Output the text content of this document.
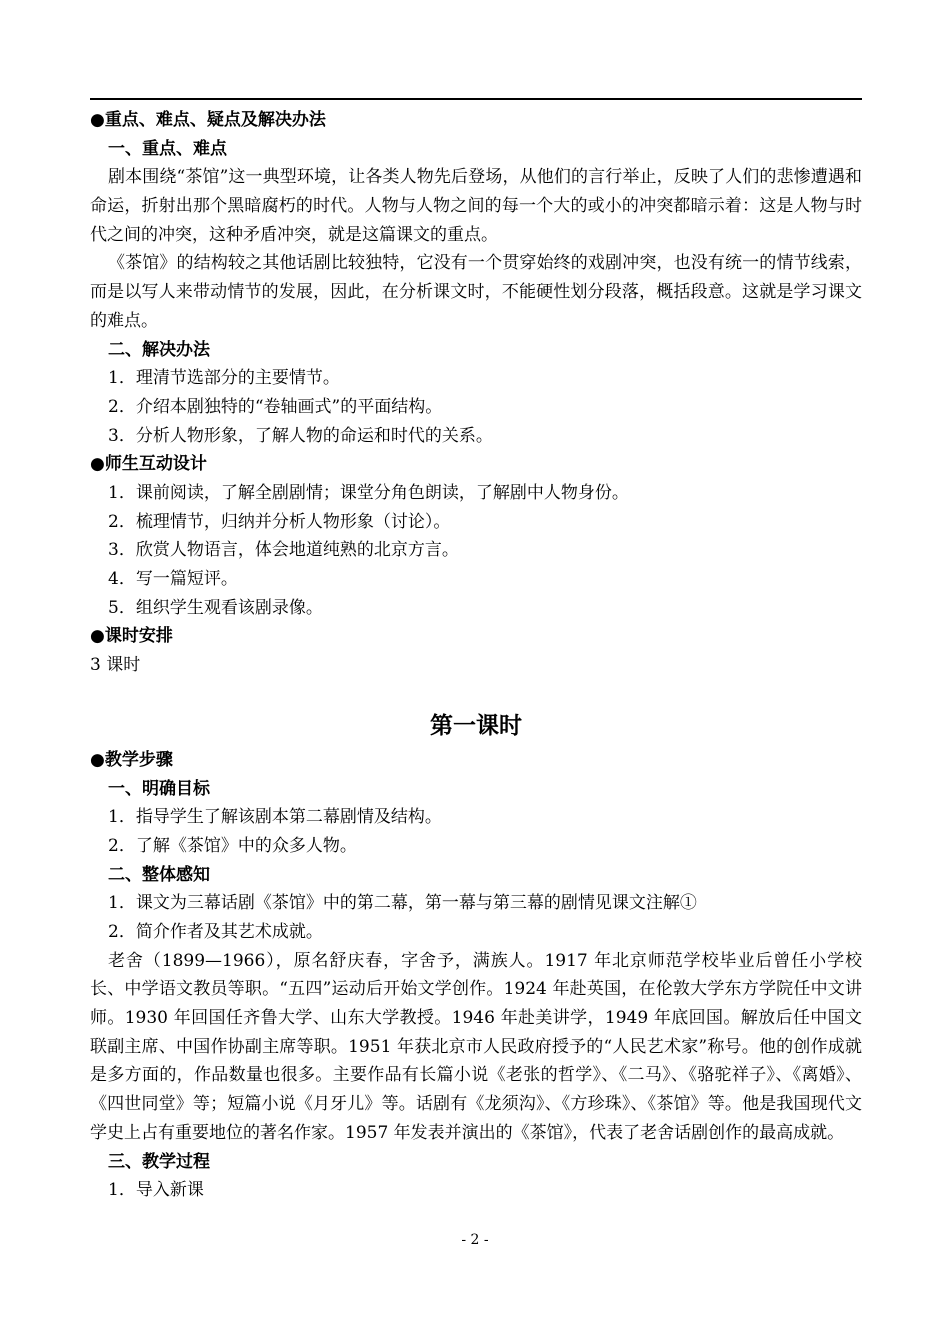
●重点、难点、疑点及解决办法
一、重点、难点

剧本围绕“茶馆”这一典型环境，让各类人物先后登场，从他们的言行举止，反映了人们的悲惨遭遇和命运，折射出那个黑暗腐朽的时代。人物与人物之间的每一个大的或小的冲突都暗示着：这是人物与时代之间的冲突，这种矛盾冲突，就是这篇课文的重点。

《茶馆》的结构较之其他话剧比较独特，它没有一个贯穿始终的戏剧冲突，也没有统一的情节线索，而是以写人来带动情节的发展，因此，在分析课文时，不能硬性划分段落，概括段意。这就是学习课文的难点。

二、解决办法
1．理清节选部分的主要情节。
2．介绍本剧独特的“卷轴画式”的平面结构。
3．分析人物形象，了解人物的命运和时代的关系。
●师生互动设计
1．课前阅读，了解全剧剧情；课堂分角色朗读，了解剧中人物身份。
2．梳理情节，归纳并分析人物形象（讨论）。
3．欣赏人物语言，体会地道纯熟的北京方言。
4．写一篇短评。
5．组织学生观看该剧录像。
●课时安排
3 课时
第一课时
●教学步骤
一、明确目标
1．指导学生了解该剧本第二幕剧情及结构。
2．了解《茶馆》中的众多人物。
二、整体感知
1．课文为三幕话剧《茶馆》中的第二幕，第一幕与第三幕的剧情见课文注解①
2．简介作者及其艺术成就。

老舍（1899—1966），原名舒庆春，字舍予，满族人。1917 年北京师范学校毕业后曾任小学校长、中学语文教员等职。“五四”运动后开始文学创作。1924 年赴英国，在伦敦大学东方学院任中文讲师。1930 年回国任齐鲁大学、山东大学教授。1946 年赴美讲学，1949 年底回国。解放后任中国文联副主席、中国作协副主席等职。1951 年获北京市人民政府授予的“人民艺术家”称号。他的创作成就是多方面的，作品数量也很多。主要作品有长篇小说《老张的哲学》、《二马》、《骆驼祥子》、《离婚》、《四世同堂》等；短篇小说《月牙儿》等。话剧有《龙须沟》、《方珍珠》、《茶馆》等。他是我国现代文学史上占有重要地位的著名作家。1957 年发表并演出的《茶馆》，代表了老舍话剧创作的最高成就。

三、教学过程
1．导入新课
- 2 -
